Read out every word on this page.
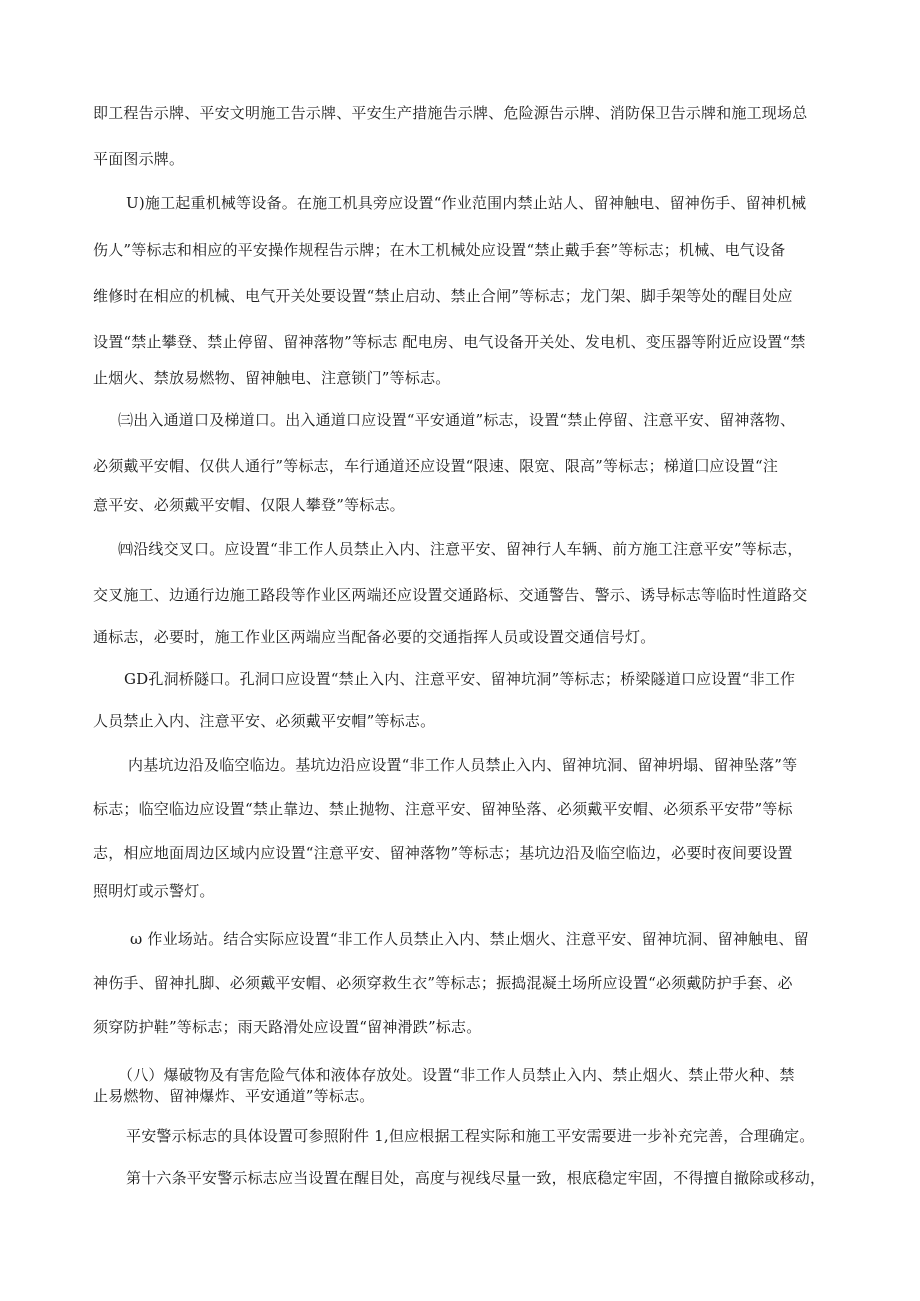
即工程告示牌、平安文明施工告示牌、平安生产措施告示牌、危险源告示牌、消防保卫告示牌和施工现场总
平面图示牌。
U)施工起重机械等设备。在施工机具旁应设置“作业范围内禁止站人、留神触电、留神伤手、留神机械
伤人”等标志和相应的平安操作规程告示牌；在木工机械处应设置“禁止戴手套”等标志；机械、电气设备
维修时在相应的机械、电气开关处要设置“禁止启动、禁止合闸”等标志；龙门架、脚手架等处的醒目处应
设置“禁止攀登、禁止停留、留神落物”等标志 配电房、电气设备开关处、发电机、变压器等附近应设置“禁
止烟火、禁放易燃物、留神触电、注意锁门”等标志。
㈢出入通道口及梯道口。出入通道口应设置“平安通道”标志，设置“禁止停留、注意平安、留神落物、
必须戴平安帽、仅供人通行”等标志，车行通道还应设置“限速、限宽、限高”等标志；梯道囗应设置“注
意平安、必须戴平安帽、仅限人攀登”等标志。
㈣沿线交叉口。应设置“非工作人员禁止入内、注意平安、留神行人车辆、前方施工注意平安”等标志，
交叉施工、边通行边施工路段等作业区两端还应设置交通路标、交通警告、警示、诱导标志等临时性道路交
通标志，必要时，施工作业区两端应当配备必要的交通指挥人员或设置交通信号灯。
GD孔洞桥隧口。孔洞口应设置“禁止入内、注意平安、留神坑洞”等标志；桥梁隧道口应设置“非工作
人员禁止入内、注意平安、必须戴平安帽”等标志。
内基坑边沿及临空临边。基坑边沿应设置“非工作人员禁止入内、留神坑洞、留神坍塌、留神坠落”等
标志；临空临边应设置“禁止靠边、禁止抛物、注意平安、留神坠落、必须戴平安帽、必须系平安带”等标
志，相应地面周边区域内应设置“注意平安、留神落物”等标志；基坑边沿及临空临边，必要时夜间要设置
照明灯或示警灯。
ω 作业场站。结合实际应设置“非工作人员禁止入内、禁止烟火、注意平安、留神坑洞、留神触电、留
神伤手、留神扎脚、必须戴平安帽、必须穿救生衣”等标志；振捣混凝土场所应设置“必须戴防护手套、必
须穿防护鞋”等标志；雨天路滑处应设置“留神滑跌”标志。
（八）爆破物及有害危险气体和液体存放处。设置“非工作人员禁止入内、禁止烟火、禁止带火种、禁
止易燃物、留神爆炸、平安通道”等标志。
平安警示标志的具体设置可参照附件 1,但应根据工程实际和施工平安需要进一步补充完善，合理确定。
第十六条平安警示标志应当设置在醒目处，高度与视线尽量一致，根底稳定牢固，不得擅自撤除或移动，
